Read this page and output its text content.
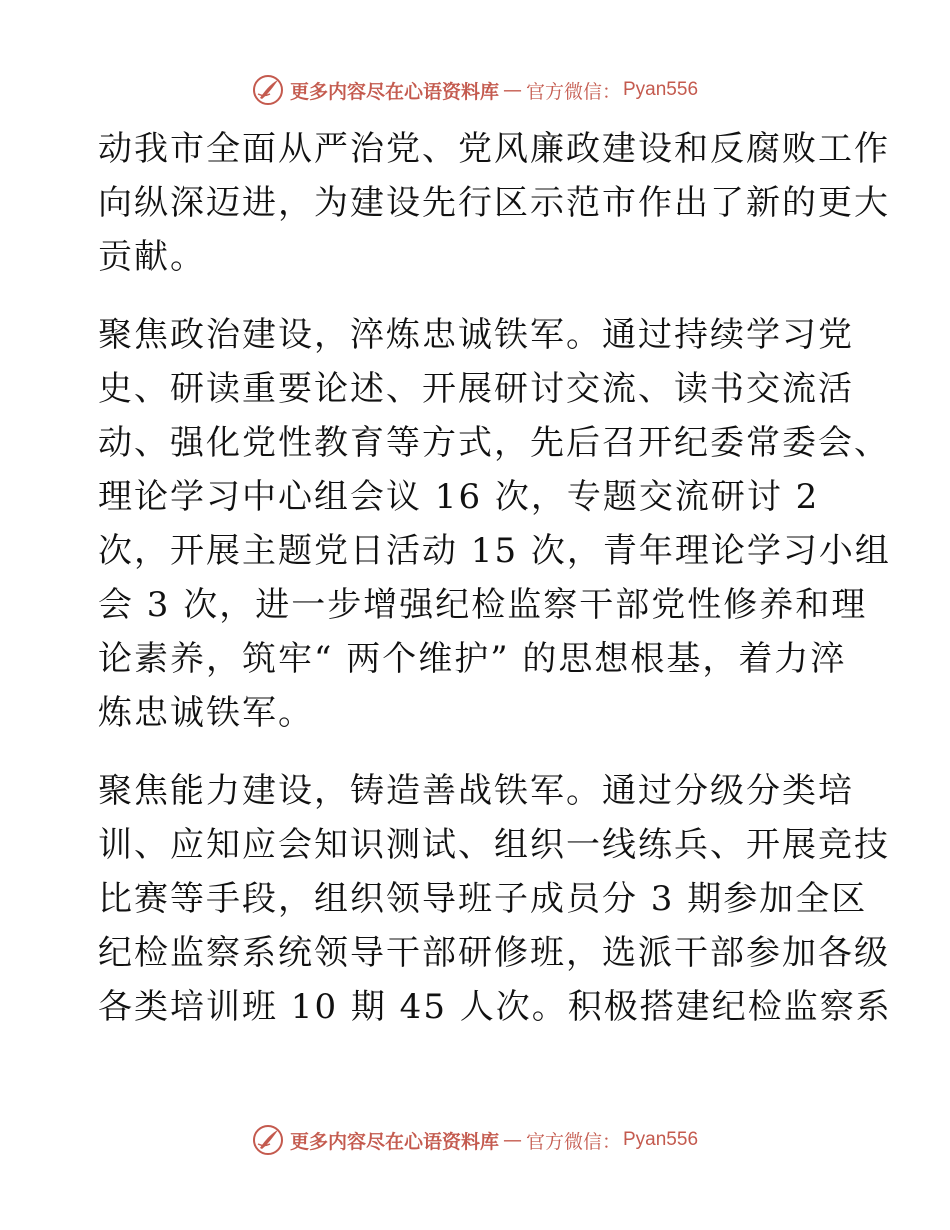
更多内容尽在心语资料库 — 官方微信： Pyan556
动我市全面从严治党、党风廉政建设和反腐败工作
向纵深迈进，为建设先行区示范市作出了新的更大
贡献。
聚焦政治建设，淬炼忠诚铁军。通过持续学习党
史、研读重要论述、开展研讨交流、读书交流活
动、强化党性教育等方式，先后召开纪委常委会、
理论学习中心组会议 16 次，专题交流研讨 2
次，开展主题党日活动 15 次，青年理论学习小组
会 3 次，进一步增强纪检监察干部党性修养和理
论素养，筑牢“ 两个维护” 的思想根基，着力淬
炼忠诚铁军。
聚焦能力建设，铸造善战铁军。通过分级分类培
训、应知应会知识测试、组织一线练兵、开展竞技
比赛等手段，组织领导班子成员分 3 期参加全区
纪检监察系统领导干部研修班，选派干部参加各级
各类培训班 10 期 45 人次。积极搭建纪检监察系
更多内容尽在心语资料库 — 官方微信： Pyan556
